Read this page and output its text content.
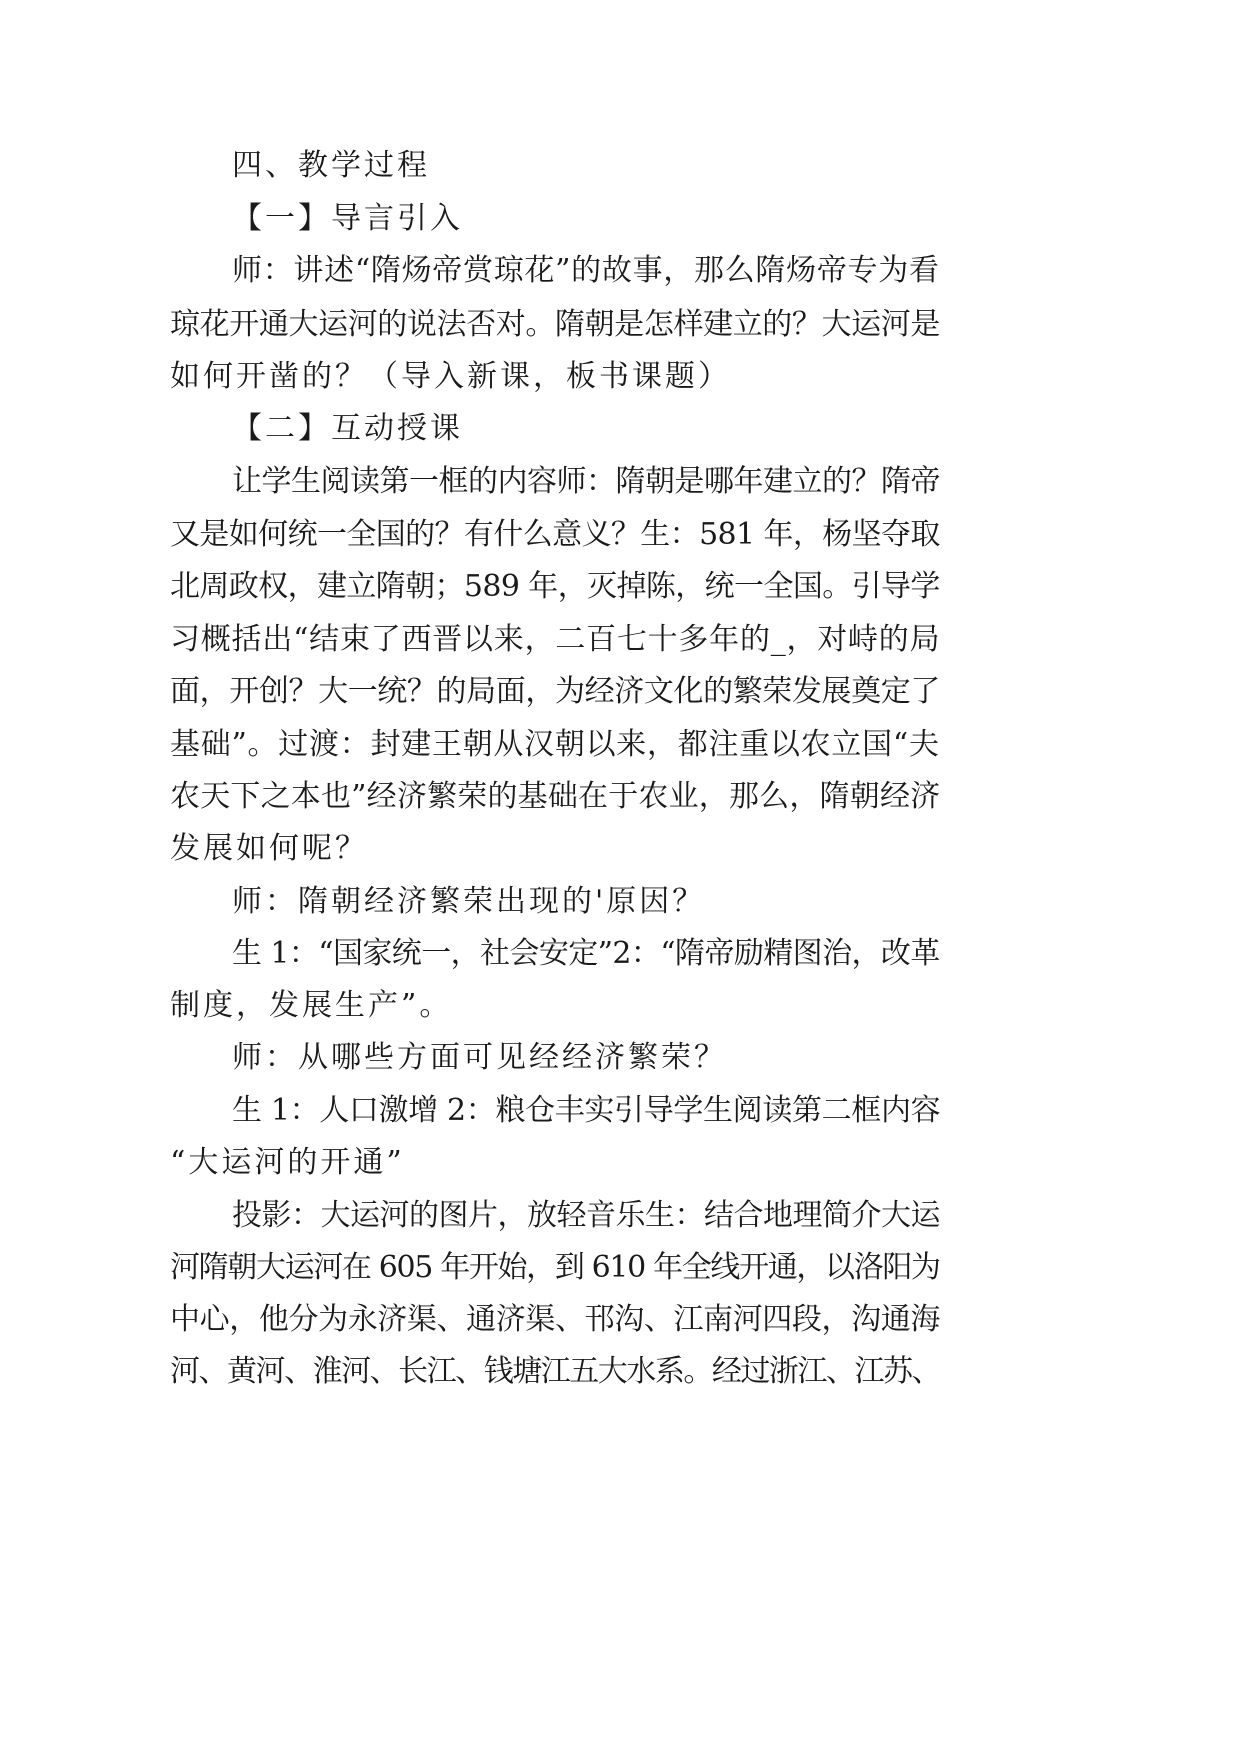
四、教学过程
【一】导言引入
师：讲述“隋炀帝赏琼花”的故事，那么隋炀帝专为看
琼花开通大运河的说法否对。隋朝是怎样建立的？大运河是
如何开凿的？（导入新课，板书课题）
【二】互动授课
让学生阅读第一框的内容师：隋朝是哪年建立的？隋帝
又是如何统一全国的？有什么意义？生：581 年，杨坚夺取
北周政权，建立隋朝；589 年，灭掉陈，统一全国。引导学
习概括出“结束了西晋以来，二百七十多年的_，对峙的局
面，开创？大一统？的局面，为经济文化的繁荣发展奠定了
基础”。过渡：封建王朝从汉朝以来，都注重以农立国“夫
农天下之本也”经济繁荣的基础在于农业，那么，隋朝经济
发展如何呢？
师：隋朝经济繁荣出现的'原因？
生 1：“国家统一，社会安定”2：“隋帝励精图治，改革
制度，发展生产”。
师：从哪些方面可见经经济繁荣？
生 1：人口激增 2：粮仓丰实引导学生阅读第二框内容
“大运河的开通”
投影：大运河的图片，放轻音乐生：结合地理简介大运
河隋朝大运河在 605 年开始，到 610 年全线开通，以洛阳为
中心，他分为永济渠、通济渠、邗沟、江南河四段，沟通海
河、黄河、淮河、长江、钱塘江五大水系。经过浙江、江苏、
